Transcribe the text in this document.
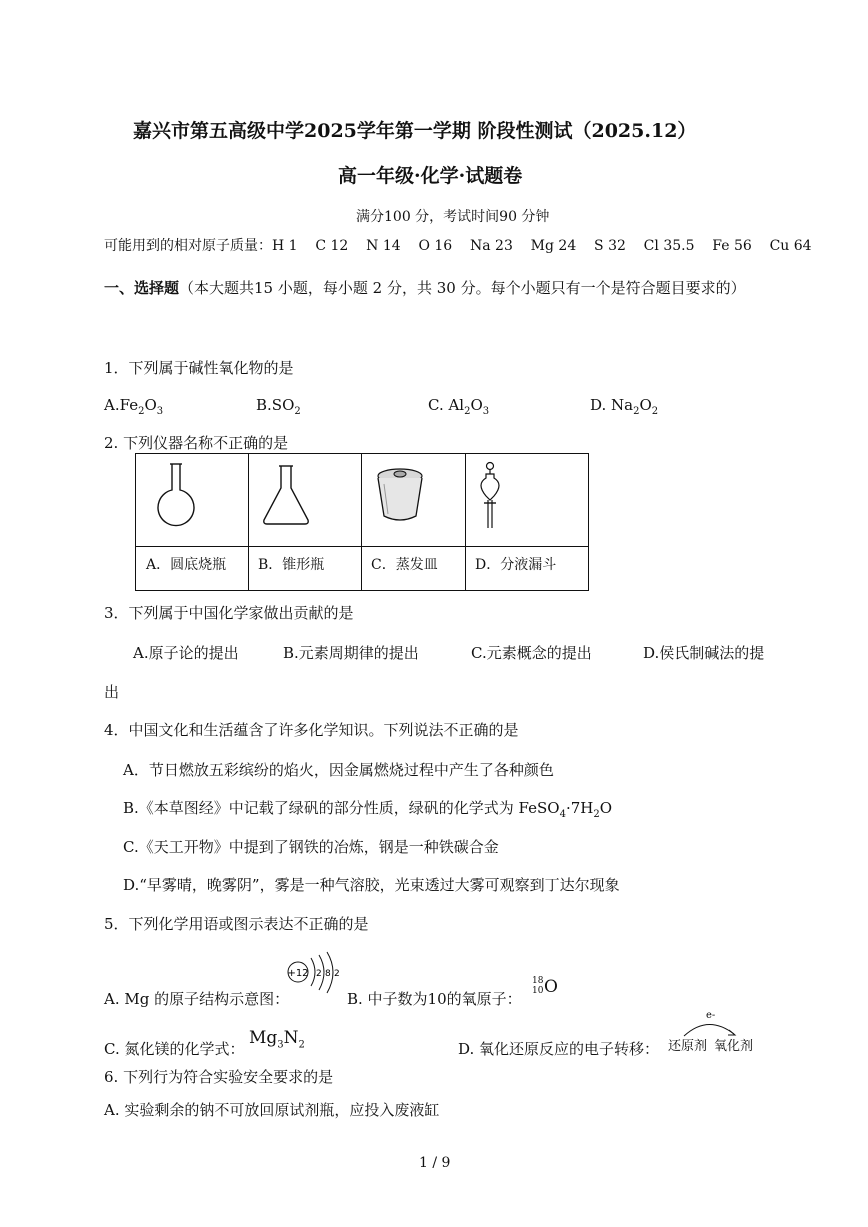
嘉兴市第五高级中学2025学年第一学期 阶段性测试（2025.12）
高一年级·化学·试题卷
满分100 分，考试时间90 分钟
可能用到的相对原子质量：H 1    C 12    N 14    O 16    Na 23    Mg 24    S 32    Cl 35.5    Fe 56    Cu 64
一、选择题（本大题共15 小题，每小题 2 分，共 30 分。每个小题只有一个是符合题目要求的）
1．下列属于碱性氧化物的是
$A.Fe_2O_3$	$B.SO_2$	C. $Al_2O_3$	D. $Na_2O_2$
2. 下列仪器名称不正确的是
A．圆底烧瓶 B．锥形瓶	C．蒸发皿	D．分液漏斗
3．下列属于中国化学家做出贡献的是
A.原子论的提出	B.元素周期律的提出	C.元素概念的提出	D.侯氏制碱法的提
出
4．中国文化和生活蕴含了许多化学知识。下列说法不正确的是
A．节日燃放五彩缤纷的焰火，因金属燃烧过程中产生了各种颜色
B.《本草图经》中记载了绿矾的部分性质，绿矾的化学式为 $FeSO_4\cdot 7H_2O$
C.《天工开物》中提到了钢铁的冶炼，钢是一种铁碳合金
D.“早雾晴，晚雾阴”，雾是一种气溶胶，光束透过大雾可观察到丁达尔现象
5．下列化学用语或图示表达不正确的是
A. Mg 的原子结构示意图：
+12 2 8 2
B. 中子数为10的氧原子：
18
10 O
C. 氮化镁的化学式：
$Mg_3N_2$	D. 氧化还原反应的电子转移：
e-
还原剂 氧化剂
6. 下列行为符合实验安全要求的是
A. 实验剩余的钠不可放回原试剂瓶，应投入废液缸
1 / 9
